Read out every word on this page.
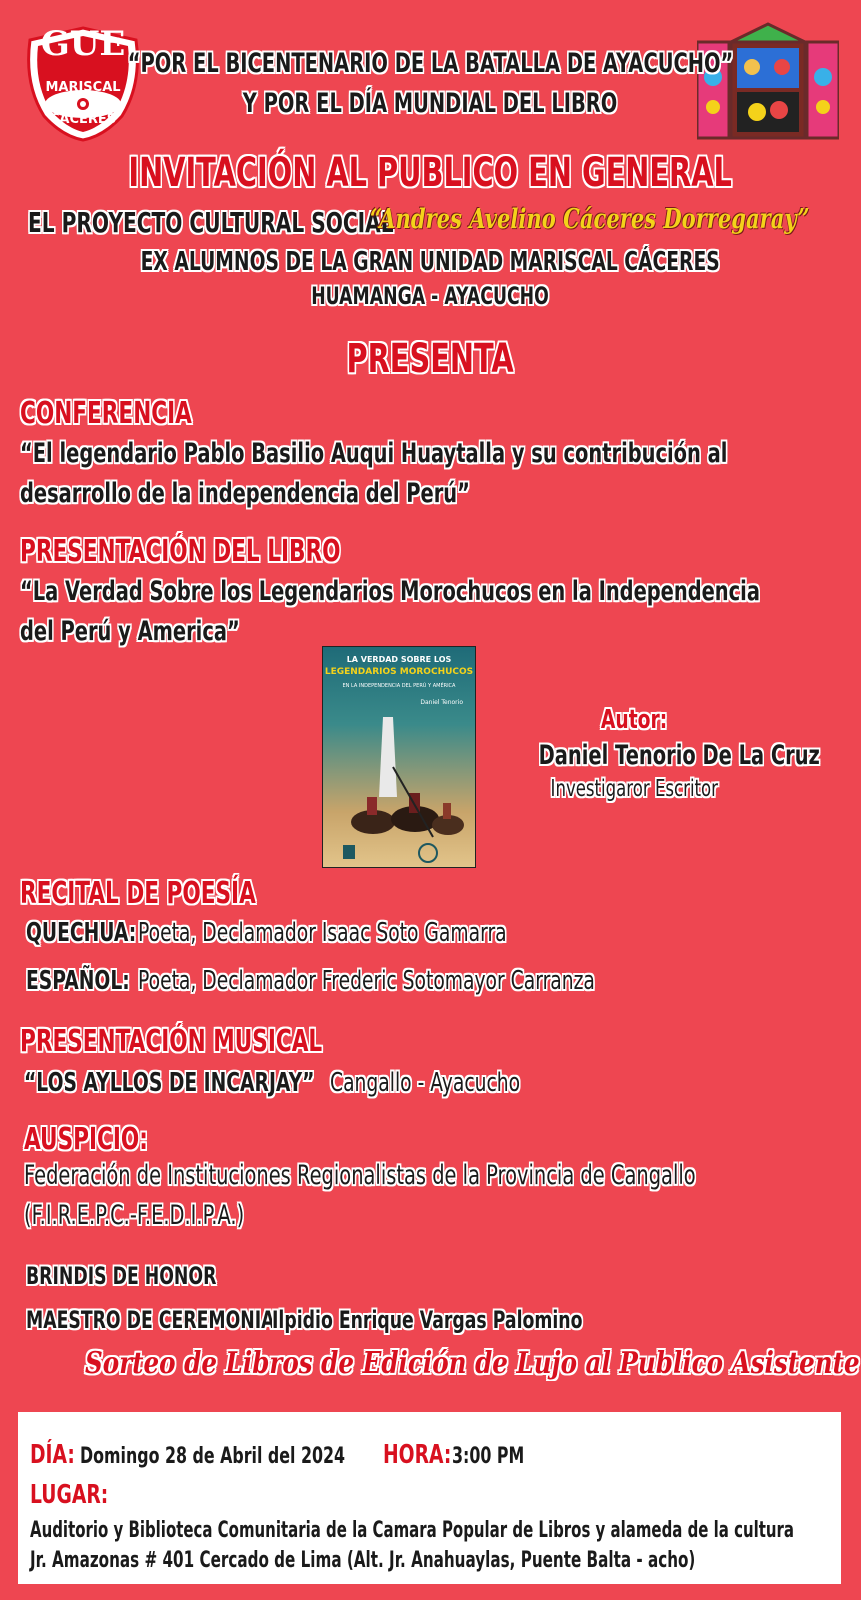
GUE
MARISCAL
CACERES
“POR EL BICENTENARIO DE LA BATALLA DE AYACUCHO”
Y POR EL DÍA MUNDIAL DEL LIBRO
INVITACIÓN AL PUBLICO EN GENERAL
EL PROYECTO CULTURAL SOCIAL
“Andres Avelino Cáceres Dorregaray”
EX ALUMNOS DE LA GRAN UNIDAD MARISCAL CÁCERES
HUAMANGA - AYACUCHO
PRESENTA
CONFERENCIA
“El legendario Pablo Basilio Auqui Huaytalla y su contribución al
desarrollo de la independencia del Perú”
PRESENTACIÓN DEL LIBRO
“La Verdad Sobre los Legendarios Morochucos en la Independencia
del Perú y America”
LA VERDAD SOBRE LOS
LEGENDARIOS MOROCHUCOS
EN LA INDEPENDENCIA DEL PERÚ Y AMÉRICA
Daniel Tenorio
Autor:
Daniel Tenorio De La Cruz
Investigaror Escritor
RECITAL DE POESÍA
QUECHUA: Poeta, Declamador Isaac Soto Gamarra
ESPAÑOL: Poeta, Declamador Frederic Sotomayor Carranza
PRESENTACIÓN MUSICAL
“LOS AYLLOS DE INCARJAY” Cangallo - Ayacucho
AUSPICIO:
Federación de Instituciones Regionalistas de la Provincia de Cangallo
(F.I.R.E.P.C.-F.E.D.I.P.A.)
BRINDIS DE HONOR
MAESTRO DE CEREMONIA:
Ilpidio Enrique Vargas Palomino
Sorteo de Libros de Edición de Lujo al Publico Asistente
DÍA: Domingo 28 de Abril del 2024	HORA: 3:00 PM
LUGAR:
Auditorio y Biblioteca Comunitaria de la Camara Popular de Libros y alameda de la cultura
Jr. Amazonas # 401 Cercado de Lima (Alt. Jr. Anahuaylas, Puente Balta - acho)
